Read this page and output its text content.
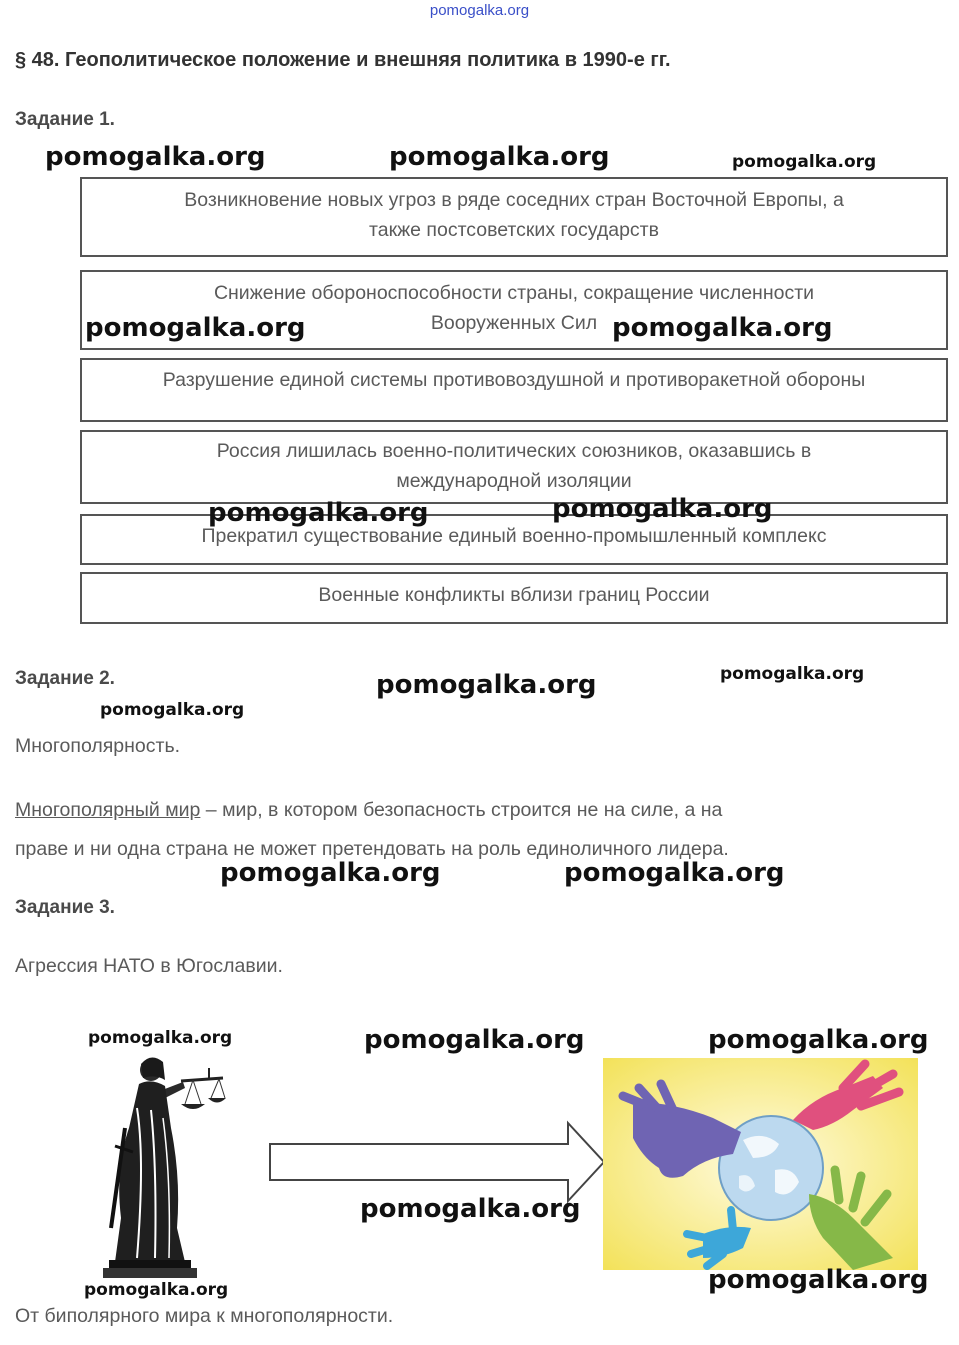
pomogalka.org
§ 48. Геополитическое положение и внешняя политика в 1990-е гг.
Задание 1.
Возникновение новых угроз в ряде соседних стран Восточной Европы, а
также постсоветских государств
Снижение обороноспособности страны, сокращение численности
Вооруженных Сил
Разрушение единой системы противовоздушной и противоракетной обороны
Россия лишилась военно-политических союзников, оказавшись в
международной изоляции
Прекратил существование единый военно-промышленный комплекс
Военные конфликты вблизи границ России
Задание 2.
Многополярность.
Многополярный мир – мир, в котором безопасность строится не на силе, а на
праве и ни одна страна не может претендовать на роль единоличного лидера.
Задание 3.
Агрессия НАТО в Югославии.
От биполярного мира к многополярности.
pomogalka.org	pomogalka.org	pomogalka.org
pomogalka.org	pomogalka.org
pomogalka.org	pomogalka.org
pomogalka.org	pomogalka.org
pomogalka.org
pomogalka.org	pomogalka.org
pomogalka.org	pomogalka.org	pomogalka.org
pomogalka.org
pomogalka.org	pomogalka.org
